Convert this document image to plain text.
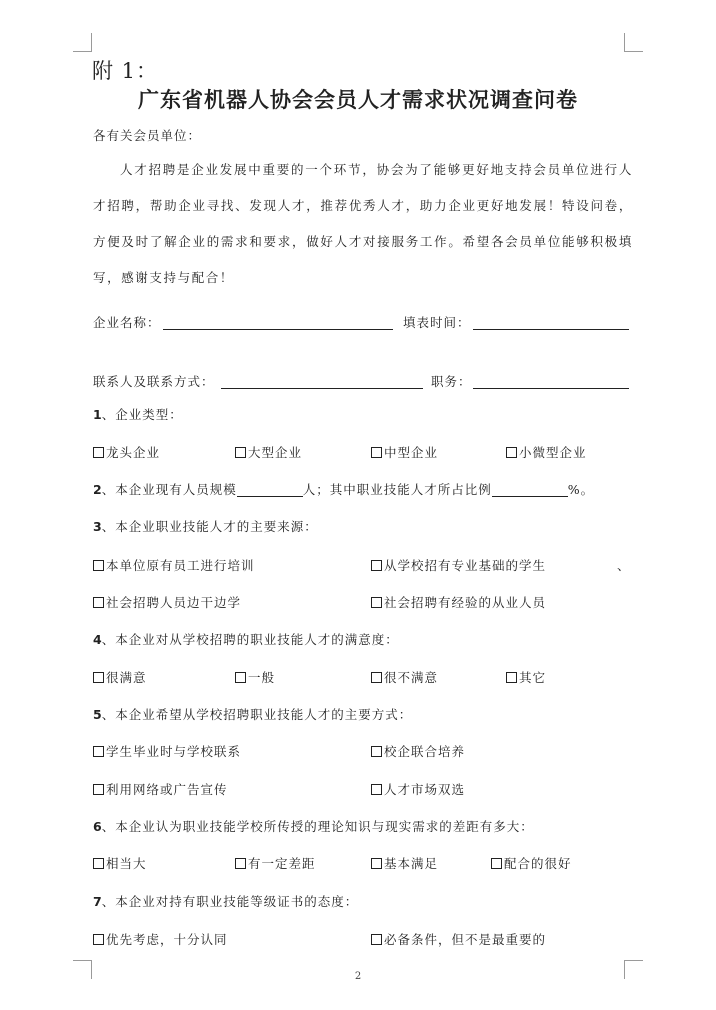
附 1：
广东省机器人协会会员人才需求状况调查问卷
各有关会员单位：
人才招聘是企业发展中重要的一个环节，协会为了能够更好地支持会员单位进行人才招聘，帮助企业寻找、发现人才，推荐优秀人才，助力企业更好地发展！特设问卷，方便及时了解企业的需求和要求，做好人才对接服务工作。希望各会员单位能够积极填写，感谢支持与配合！
企业名称：	填表时间：
联系人及联系方式：	职务：
1、企业类型：
龙头企业	大型企业	中型企业	小微型企业
2、本企业现有人员规模	人；其中职业技能人才所占比例	%。
3、本企业职业技能人才的主要来源：
本单位原有员工进行培训	从学校招有专业基础的学生	、
社会招聘人员边干边学	社会招聘有经验的从业人员
4、本企业对从学校招聘的职业技能人才的满意度：
很满意	一般	很不满意	其它
5、本企业希望从学校招聘职业技能人才的主要方式：
学生毕业时与学校联系	校企联合培养
利用网络或广告宣传	人才市场双选
6、本企业认为职业技能学校所传授的理论知识与现实需求的差距有多大：
相当大	有一定差距	基本满足	配合的很好
7、本企业对持有职业技能等级证书的态度：
优先考虑，十分认同	必备条件，但不是最重要的
2
